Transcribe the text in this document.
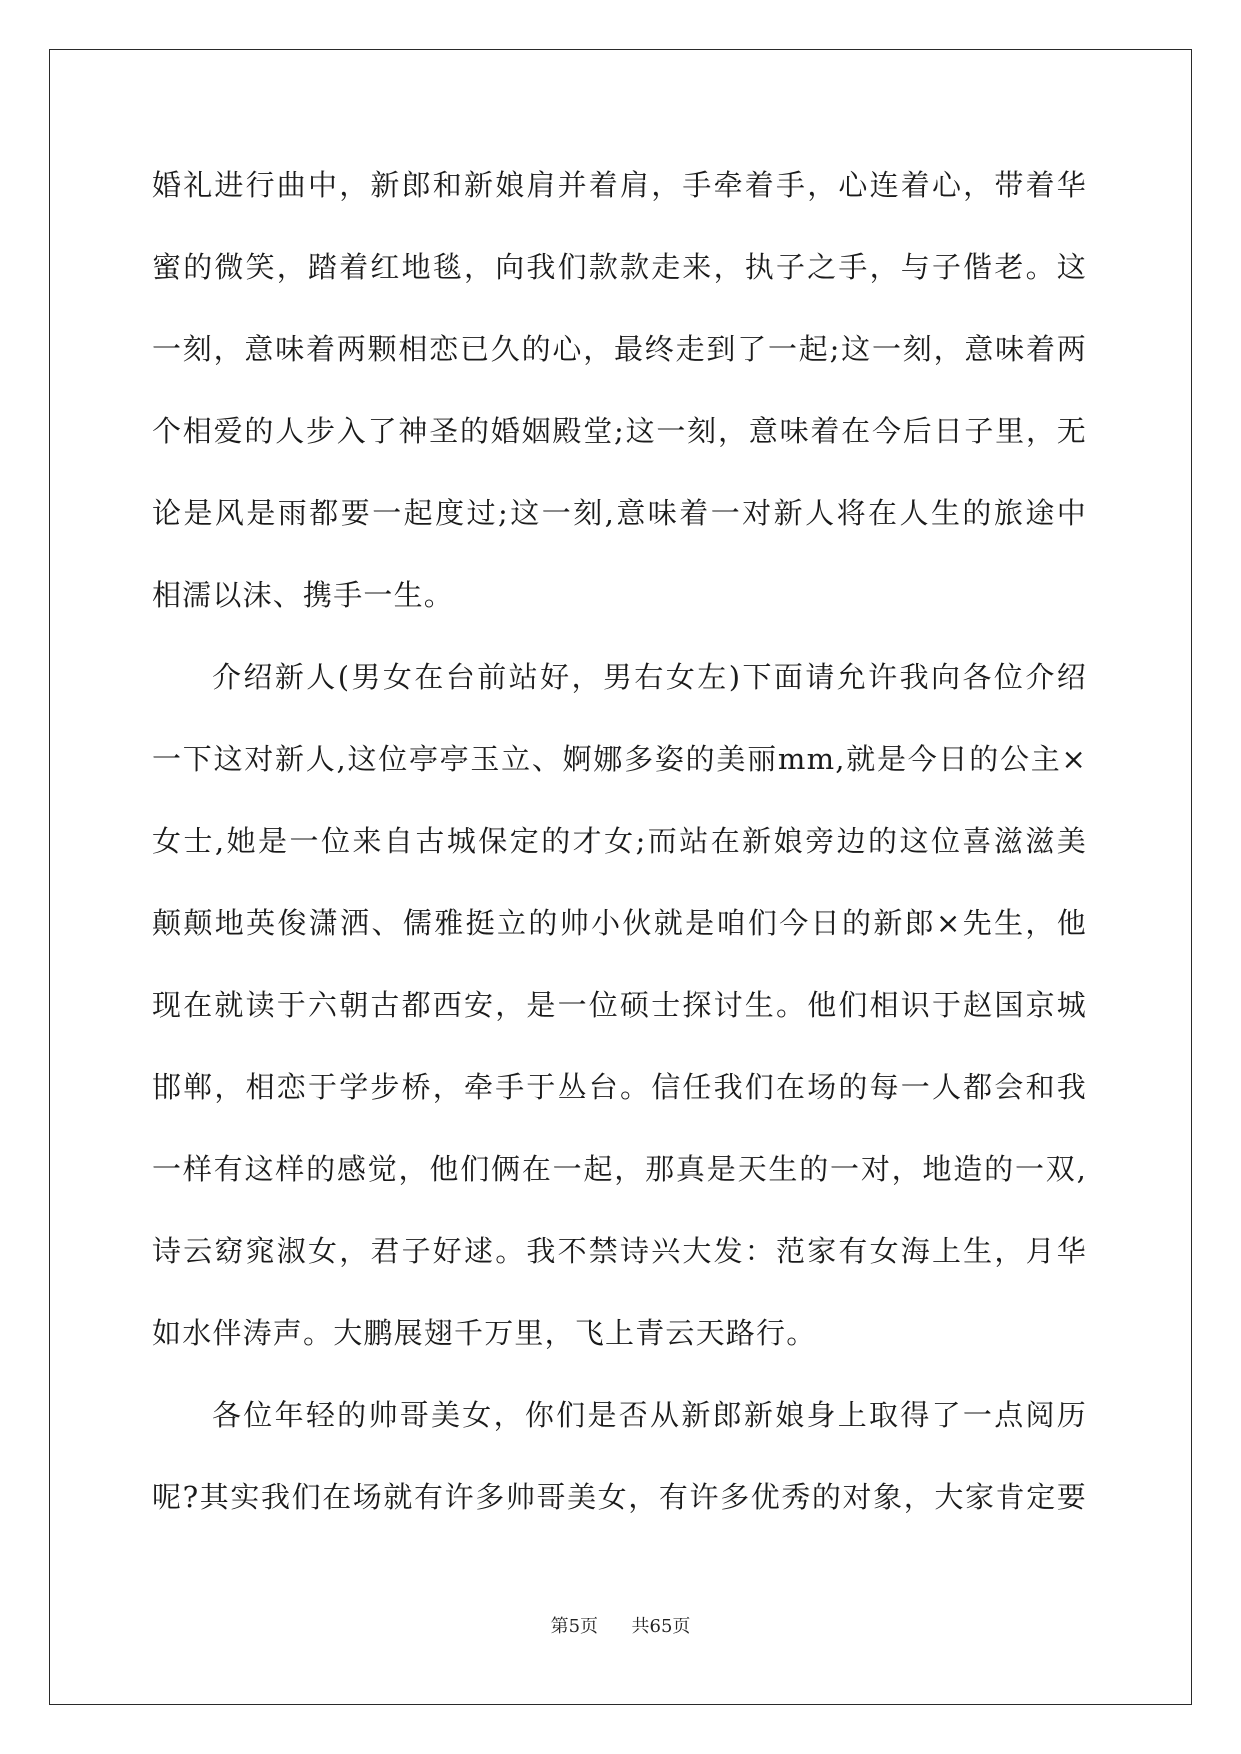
婚礼进行曲中，新郎和新娘肩并着肩，手牵着手，心连着心，带着华
蜜的微笑，踏着红地毯，向我们款款走来，执子之手，与子偕老。这
一刻，意味着两颗相恋已久的心，最终走到了一起;这一刻，意味着两
个相爱的人步入了神圣的婚姻殿堂;这一刻，意味着在今后日子里，无
论是风是雨都要一起度过;这一刻,意味着一对新人将在人生的旅途中
相濡以沫、携手一生。
介绍新人(男女在台前站好，男右女左)下面请允许我向各位介绍
一下这对新人,这位亭亭玉立、婀娜多姿的美丽mm,就是今日的公主×
女士,她是一位来自古城保定的才女;而站在新娘旁边的这位喜滋滋美
颠颠地英俊潇洒、儒雅挺立的帅小伙就是咱们今日的新郎×先生，他
现在就读于六朝古都西安，是一位硕士探讨生。他们相识于赵国京城
邯郸，相恋于学步桥，牵手于丛台。信任我们在场的每一人都会和我
一样有这样的感觉，他们俩在一起，那真是天生的一对，地造的一双,
诗云窈窕淑女，君子好逑。我不禁诗兴大发：范家有女海上生，月华
如水伴涛声。大鹏展翅千万里，飞上青云天路行。
各位年轻的帅哥美女，你们是否从新郎新娘身上取得了一点阅历
呢?其实我们在场就有许多帅哥美女，有许多优秀的对象，大家肯定要
第5页 共65页
